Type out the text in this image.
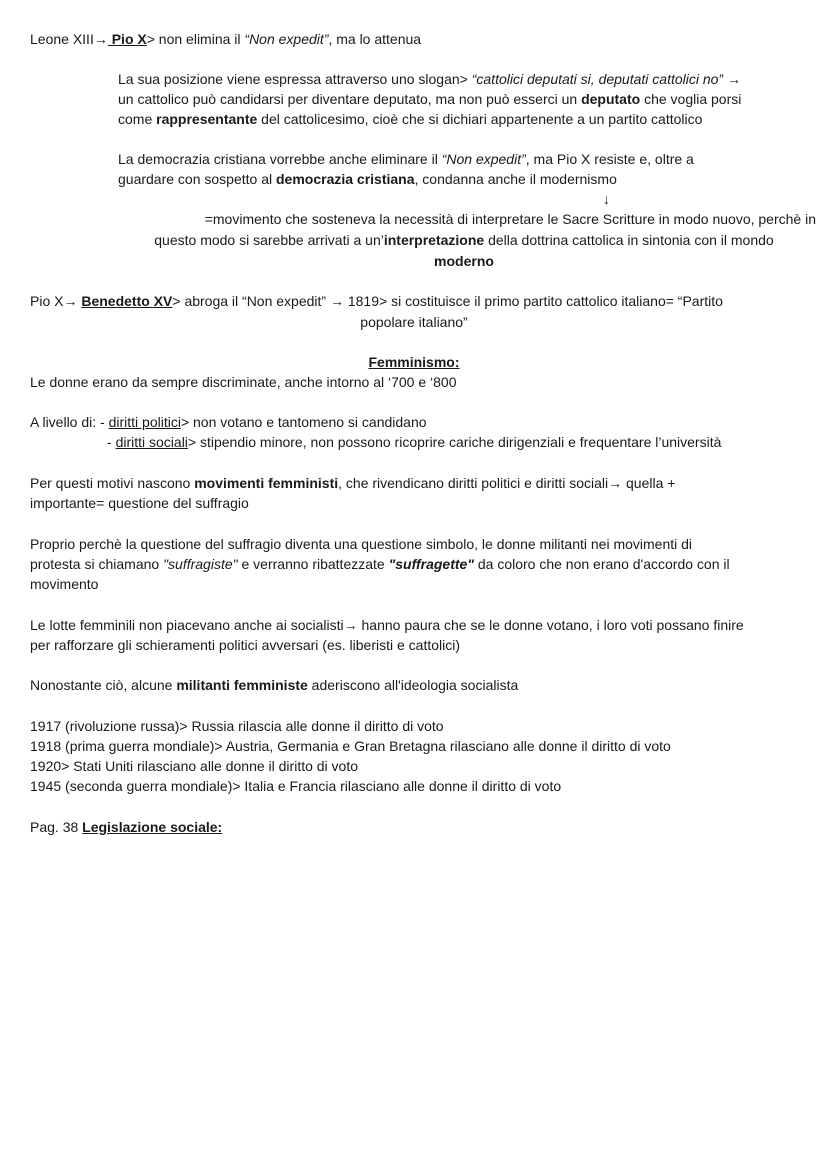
Leone XIII→ Pio X> non elimina il “Non expedit”, ma lo attenua
La sua posizione viene espressa attraverso uno slogan> “cattolici deputati si, deputati cattolici no” →
un cattolico può candidarsi per diventare deputato, ma non può esserci un deputato che voglia porsi
come rappresentante del cattolicesimo, cioè che si dichiari appartenente a un partito cattolico
La democrazia cristiana vorrebbe anche eliminare il “Non expedit”, ma Pio X resiste e, oltre a
guardare con sospetto al democrazia cristiana, condanna anche il modernismo
↓
=movimento che sosteneva la necessità di interpretare le Sacre Scritture in modo nuovo, perchè in
questo modo si sarebbe arrivati a un’interpretazione della dottrina cattolica in sintonia con il mondo
moderno
Pio X→ Benedetto XV> abroga il “Non expedit” → 1819> si costituisce il primo partito cattolico italiano= “Partito
popolare italiano”
Femminismo:
Le donne erano da sempre discriminate, anche intorno al ‘700 e ‘800
A livello di: - diritti politici> non votano e tantomeno si candidano
- diritti sociali> stipendio minore, non possono ricoprire cariche dirigenziali e frequentare l’università
Per questi motivi nascono movimenti femministi, che rivendicano diritti politici e diritti sociali→ quella +
importante= questione del suffragio
Proprio perchè la questione del suffragio diventa una questione simbolo, le donne militanti nei movimenti di
protesta si chiamano "suffragiste" e verranno ribattezzate "suffragette" da coloro che non erano d'accordo con il
movimento
Le lotte femminili non piacevano anche ai socialisti→ hanno paura che se le donne votano, i loro voti possano finire
per rafforzare gli schieramenti politici avversari (es. liberisti e cattolici)
Nonostante ciò, alcune militanti femministe aderiscono all'ideologia socialista
1917 (rivoluzione russa)> Russia rilascia alle donne il diritto di voto
1918 (prima guerra mondiale)> Austria, Germania e Gran Bretagna rilasciano alle donne il diritto di voto
1920> Stati Uniti rilasciano alle donne il diritto di voto
1945 (seconda guerra mondiale)> Italia e Francia rilasciano alle donne il diritto di voto
Pag. 38 Legislazione sociale:
